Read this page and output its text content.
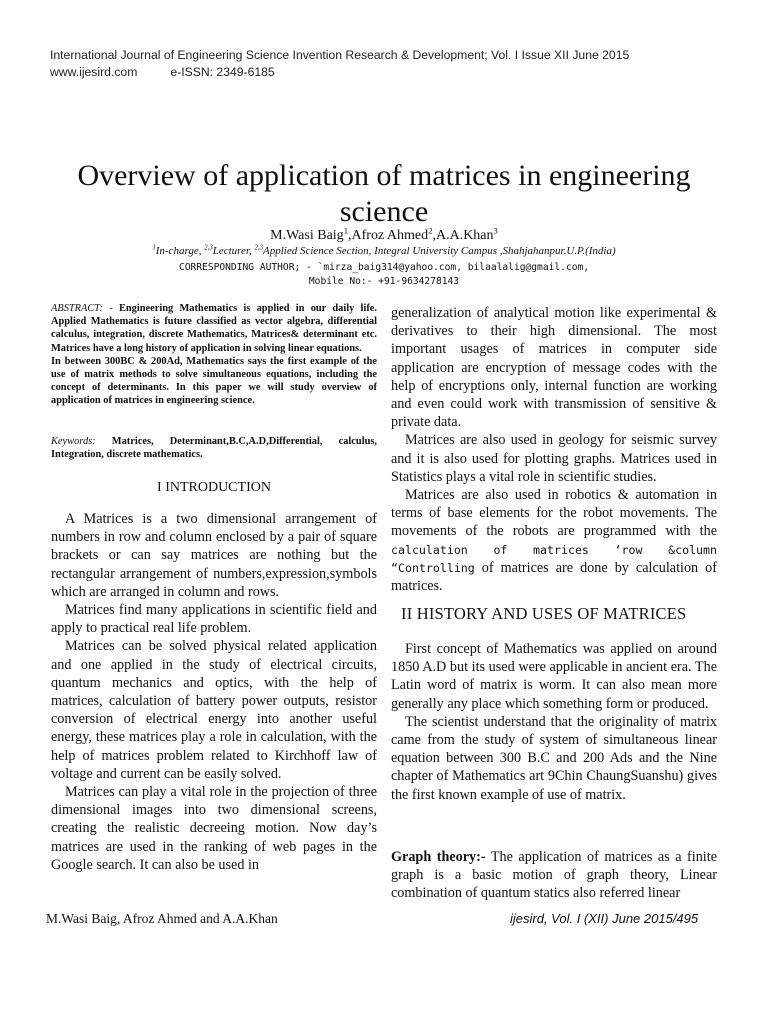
International Journal of Engineering Science Invention Research & Development; Vol. I Issue XII June 2015
www.ijesird.com	e-ISSN: 2349-6185
Overview of application of matrices in engineering
science
M.Wasi Baig$^1$,Afroz Ahmed$^2$,A.A.Khan$^3$
$^1$In-charge, $^{2,3}$Lecturer, $^{2,3}$Applied Science Section, Integral University Campus ,Shahjahanpur.U.P.(India)
CORRESPONDING AUTHOR; - `mirza_baig314@yahoo.com, bilaalalig@gmail.com,
Mobile No:- +91-9634278143

ABSTRACT: - Engineering Mathematics is applied in our daily life. Applied Mathematics is future classified as vector algebra, differential calculus, integration, discrete Mathematics, Matrices& determinant etc. Matrices have a long history of application in solving linear equations.

In between 300BC & 200Ad, Mathematics says the first example of the use of matrix methods to solve simultaneous equations, including the concept of determinants. In this paper we will study overview of application of matrices in engineering science.

Keywords: Matrices, Determinant,B.C,A.D,Differential, calculus, Integration, discrete mathematics.
I INTRODUCTION

A Matrices is a two dimensional arrangement of numbers in row and column enclosed by a pair of square brackets or can say matrices are nothing but the rectangular arrangement of numbers,expression,symbols which are arranged in column and rows.

Matrices find many applications in scientific field and apply to practical real life problem.

Matrices can be solved physical related application and one applied in the study of electrical circuits, quantum mechanics and optics, with the help of matrices, calculation of battery power outputs, resistor conversion of electrical energy into another useful energy, these matrices play a role in calculation, with the help of matrices problem related to Kirchhoff law of voltage and current can be easily solved.

Matrices can play a vital role in the projection of three dimensional images into two dimensional screens, creating the realistic decreeing motion. Now day’s matrices are used in the ranking of web pages in the Google search. It can also be used in

generalization of analytical motion like experimental & derivatives to their high dimensional. The most important usages of matrices in computer side application are encryption of message codes with the help of encryptions only, internal function are working and even could work with transmission of sensitive & private data.

Matrices are also used in geology for seismic survey and it is also used for plotting graphs. Matrices used in Statistics plays a vital role in scientific studies.

Matrices are also used in robotics & automation in terms of base elements for the robot movements. The movements of the robots are programmed with the calculation of matrices ‘row &column “Controlling of matrices are done by calculation of matrices.

II HISTORY AND USES OF MATRICES

First concept of Mathematics was applied on around 1850 A.D but its used were applicable in ancient era. The Latin word of matrix is worm. It can also mean more generally any place which something form or produced.

The scientist understand that the originality of matrix came from the study of system of simultaneous linear equation between 300 B.C and 200 Ads and the Nine chapter of Mathematics art 9Chin ChaungSuanshu) gives the first known example of use of matrix.

Graph theory:- The application of matrices as a finite graph is a basic motion of graph theory, Linear combination of quantum statics also referred linear

M.Wasi Baig, Afroz Ahmed and A.A.Khan	ijesird, Vol. I (XII) June 2015/495
